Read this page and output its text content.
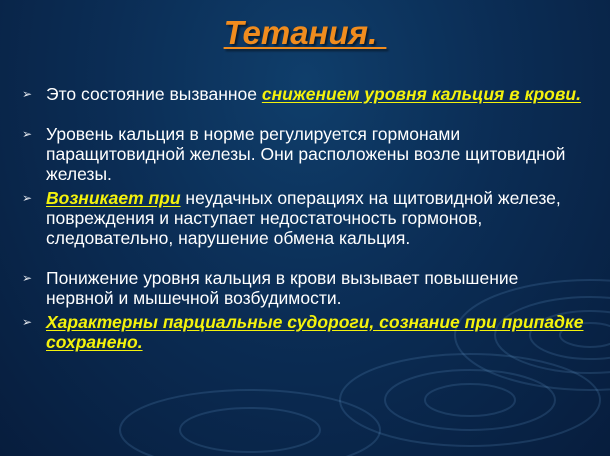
Тетания.
➢ Это состояние вызванное снижением уровня кальция в крови.
➢ Уровень кальция в норме регулируется гормонами паращитовидной железы. Они расположены возле щитовидной железы.
➢ Возникает при неудачных операциях на щитовидной железе, повреждения и наступает недостаточность гормонов, следовательно, нарушение обмена кальция.
➢ Понижение уровня кальция в крови вызывает повышение нервной и мышечной возбудимости.
➢ Характерны парциальные судороги, сознание при припадке сохранено.
